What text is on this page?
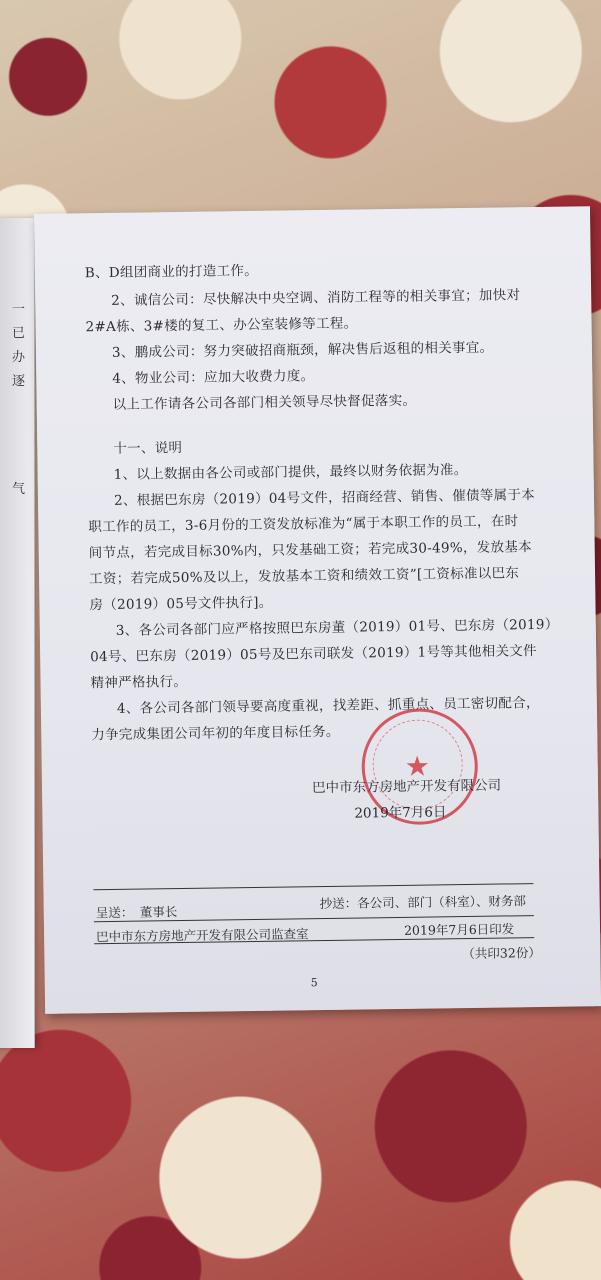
一
已
办
逐
气
B、D组团商业的打造工作。
2、诚信公司：尽快解决中央空调、消防工程等的相关事宜；加快对
2#A栋、3#楼的复工、办公室装修等工程。
3、鹏成公司：努力突破招商瓶颈，解决售后返租的相关事宜。
4、物业公司：应加大收费力度。
以上工作请各公司各部门相关领导尽快督促落实。
十一、说明
1、以上数据由各公司或部门提供，最终以财务依据为准。
2、根据巴东房（2019）04号文件，招商经营、销售、催债等属于本
职工作的员工，3-6月份的工资发放标准为“属于本职工作的员工，在时
间节点，若完成目标30%内，只发基础工资；若完成30-49%，发放基本
工资；若完成50%及以上，发放基本工资和绩效工资”[工资标准以巴东
房（2019）05号文件执行]。
3、各公司各部门应严格按照巴东房董（2019）01号、巴东房（2019）
04号、巴东房（2019）05号及巴东司联发（2019）1号等其他相关文件
精神严格执行。
4、各公司各部门领导要高度重视，找差距、抓重点、员工密切配合，
力争完成集团公司年初的年度目标任务。
★
巴中市东方房地产开发有限公司
2019年7月6日
呈送： 董事长
抄送：各公司、部门（科室）、财务部
巴中市东方房地产开发有限公司监查室	2019年7月6日印发
（共印32份）
5
